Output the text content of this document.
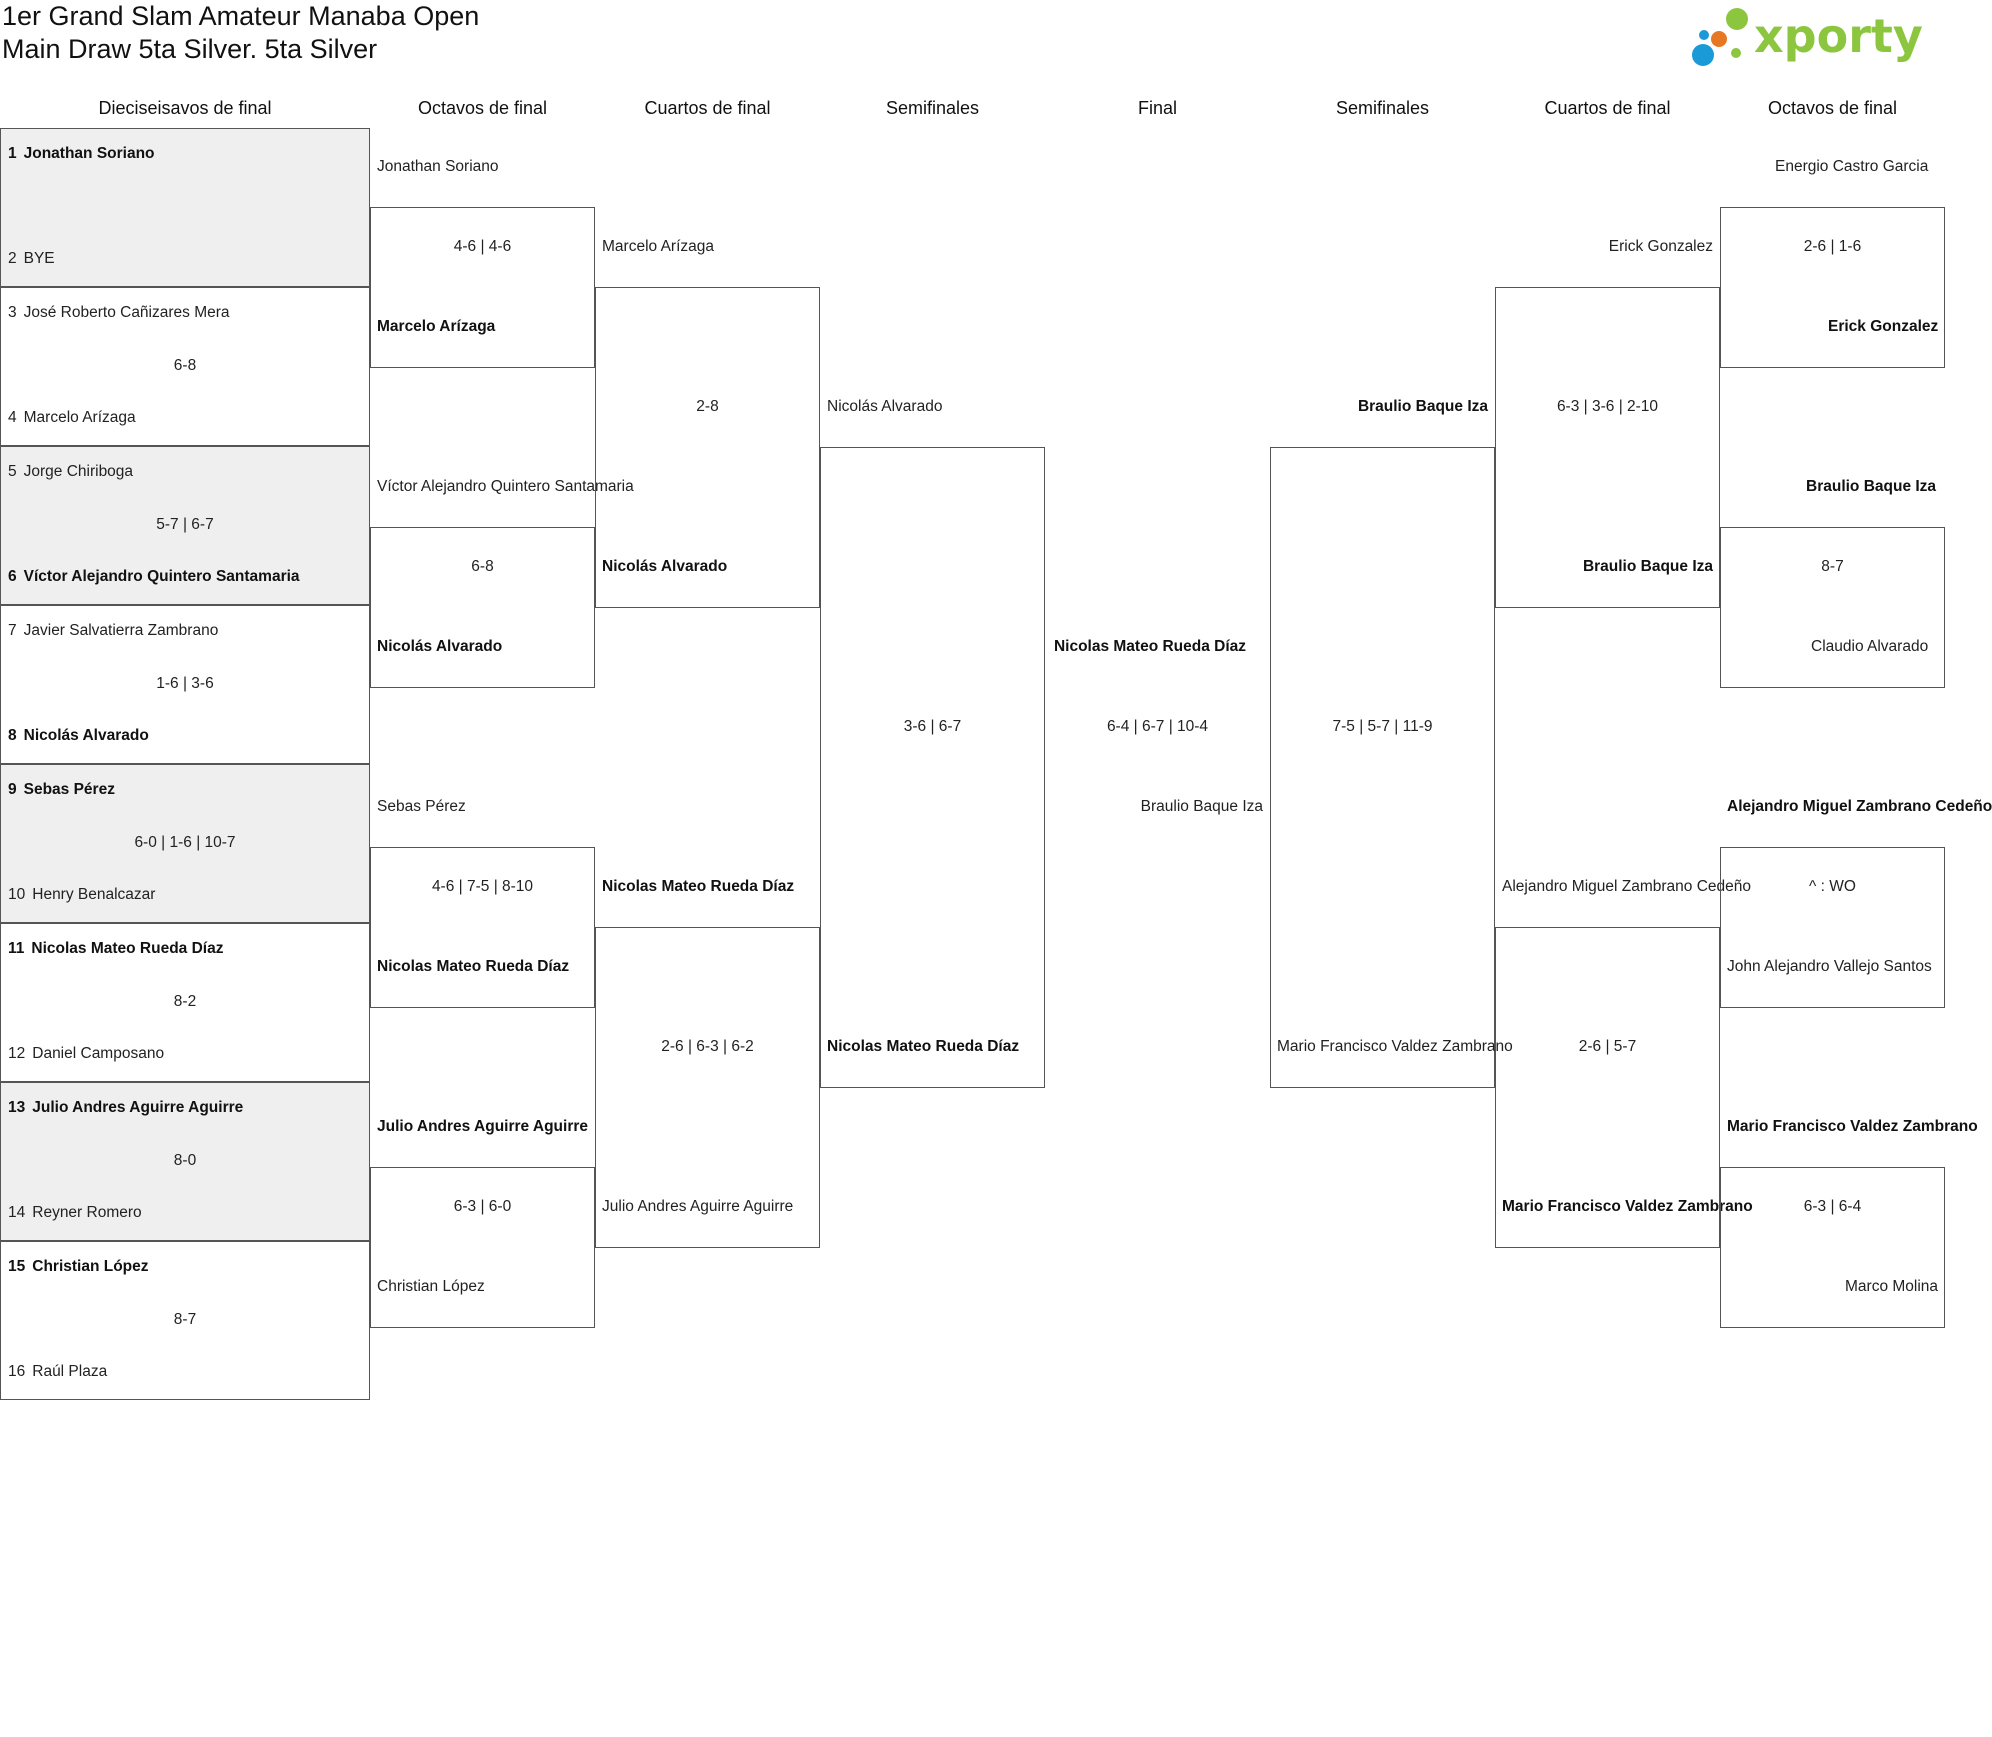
1er Grand Slam Amateur Manaba Open
Main Draw 5ta Silver. 5ta Silver	xporty
Dieciseisavos de final	Octavos de final	Cuartos de final	Semifinales	Final	Semifinales	Cuartos de final	Octavos de final
1 Jonathan Soriano
2 BYE
3 José Roberto Cañizares Mera
6-8
4 Marcelo Arízaga
5 Jorge Chiriboga
5-7 | 6-7
6 Víctor Alejandro Quintero Santamaria
7 Javier Salvatierra Zambrano
1-6 | 3-6
8 Nicolás Alvarado
9 Sebas Pérez
6-0 | 1-6 | 10-7
10 Henry Benalcazar
11 Nicolas Mateo Rueda Díaz
8-2
12 Daniel Camposano
13 Julio Andres Aguirre Aguirre
8-0
14 Reyner Romero
15 Christian López
8-7
16 Raúl Plaza
Jonathan Soriano
4-6 | 4-6
Marcelo Arízaga
Víctor Alejandro Quintero Santamaria
6-8
Nicolás Alvarado
Sebas Pérez
4-6 | 7-5 | 8-10
Nicolas Mateo Rueda Díaz
Julio Andres Aguirre Aguirre
6-3 | 6-0
Christian López
Marcelo Arízaga
2-8
Nicolás Alvarado
Nicolas Mateo Rueda Díaz
2-6 | 6-3 | 6-2
Julio Andres Aguirre Aguirre
Nicolás Alvarado
3-6 | 6-7
Nicolas Mateo Rueda Díaz
Nicolas Mateo Rueda Díaz
6-4 | 6-7 | 10-4
Braulio Baque Iza
Braulio Baque Iza
7-5 | 5-7 | 11-9
Mario Francisco Valdez Zambrano
Erick Gonzalez
6-3 | 3-6 | 2-10
Braulio Baque Iza
Alejandro Miguel Zambrano Cedeño
2-6 | 5-7
Mario Francisco Valdez Zambrano
Energio Castro Garcia
2-6 | 1-6
Erick Gonzalez
Braulio Baque Iza
8-7
Claudio Alvarado
Alejandro Miguel Zambrano Cedeño
^ : WO
John Alejandro Vallejo Santos
Mario Francisco Valdez Zambrano
6-3 | 6-4
Marco Molina
